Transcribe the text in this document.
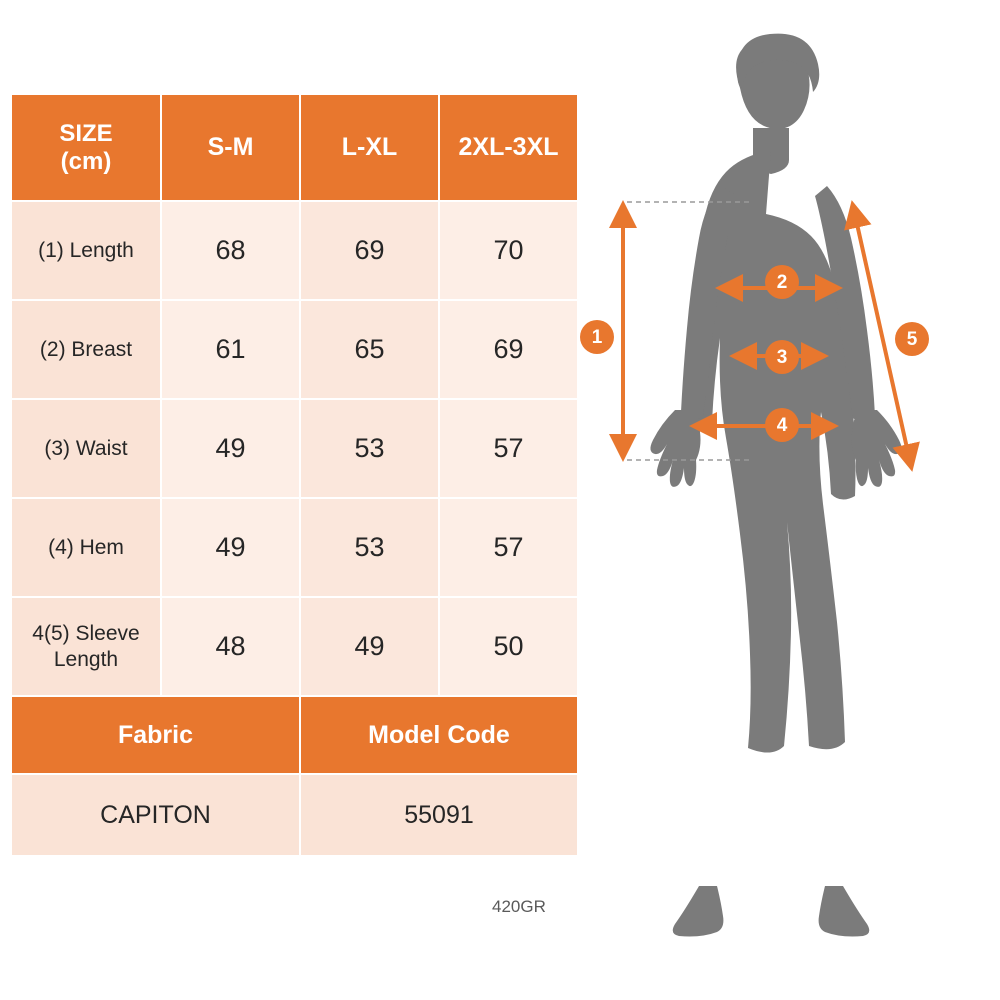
SIZE
(cm)	S-M	L-XL	2XL-3XL
(1) Length	68	69	70
(2) Breast	61	65	69
(3) Waist	49	53	57
(4) Hem	49	53	57
4(5) Sleeve Length	48	49	50
Fabric		Model Code	
CAPITON		55091	
420GR
1
2
3
4
5
